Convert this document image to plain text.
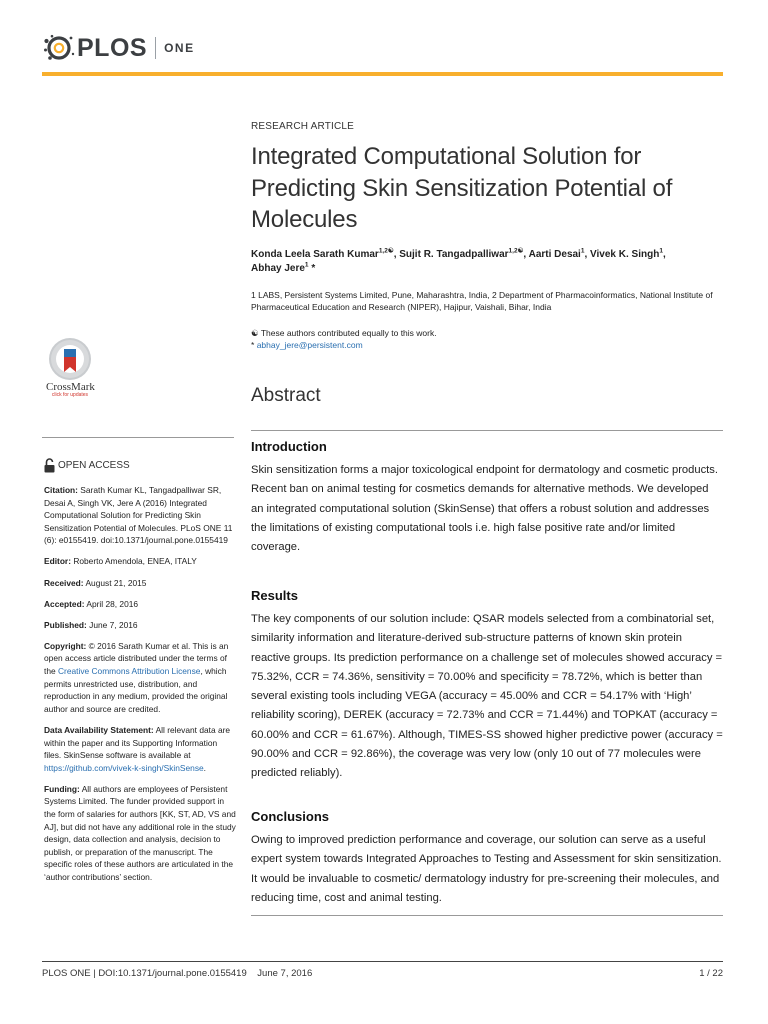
PLOS ONE
CrossMark
click for updates
OPEN ACCESS
Citation: Sarath Kumar KL, Tangadpalliwar SR, Desai A, Singh VK, Jere A (2016) Integrated Computational Solution for Predicting Skin Sensitization Potential of Molecules. PLoS ONE 11 (6): e0155419. doi:10.1371/journal.pone.0155419
Editor: Roberto Amendola, ENEA, ITALY
Received: August 21, 2015
Accepted: April 28, 2016
Published: June 7, 2016
Copyright: © 2016 Sarath Kumar et al. This is an open access article distributed under the terms of the Creative Commons Attribution License, which permits unrestricted use, distribution, and reproduction in any medium, provided the original author and source are credited.
Data Availability Statement: All relevant data are within the paper and its Supporting Information files. SkinSense software is available at https://github.com/vivek-k-singh/SkinSense.
Funding: All authors are employees of Persistent Systems Limited. The funder provided support in the form of salaries for authors [KK, ST, AD, VS and AJ], but did not have any additional role in the study design, data collection and analysis, decision to publish, or preparation of the manuscript. The specific roles of these authors are articulated in the ‘author contributions’ section.
RESEARCH ARTICLE
Integrated Computational Solution for Predicting Skin Sensitization Potential of Molecules
Konda Leela Sarath Kumar$^{1,2☯}$, Sujit R. Tangadpalliwar$^{1,2☯}$, Aarti Desai$^1$, Vivek K. Singh$^1$,
Abhay Jere$^1$ *
1 LABS, Persistent Systems Limited, Pune, Maharashtra, India, 2 Department of Pharmacoinformatics, National Institute of Pharmaceutical Education and Research (NIPER), Hajipur, Vaishali, Bihar, India
☯ These authors contributed equally to this work.
* abhay_jere@persistent.com
Abstract
Introduction
Skin sensitization forms a major toxicological endpoint for dermatology and cosmetic products. Recent ban on animal testing for cosmetics demands for alternative methods. We developed an integrated computational solution (SkinSense) that offers a robust solution and addresses the limitations of existing computational tools i.e. high false positive rate and/or limited coverage.
Results
The key components of our solution include: QSAR models selected from a combinatorial set, similarity information and literature-derived sub-structure patterns of known skin protein reactive groups. Its prediction performance on a challenge set of molecules showed accuracy = 75.32%, CCR = 74.36%, sensitivity = 70.00% and specificity = 78.72%, which is better than several existing tools including VEGA (accuracy = 45.00% and CCR = 54.17% with ‘High’ reliability scoring), DEREK (accuracy = 72.73% and CCR = 71.44%) and TOPKAT (accuracy = 60.00% and CCR = 61.67%). Although, TIMES-SS showed higher predictive power (accuracy = 90.00% and CCR = 92.86%), the coverage was very low (only 10 out of 77 molecules were predicted reliably).
Conclusions
Owing to improved prediction performance and coverage, our solution can serve as a useful expert system towards Integrated Approaches to Testing and Assessment for skin sensitization. It would be invaluable to cosmetic/ dermatology industry for pre-screening their molecules, and reducing time, cost and animal testing.
PLOS ONE | DOI:10.1371/journal.pone.0155419    June 7, 2016	1 / 22
